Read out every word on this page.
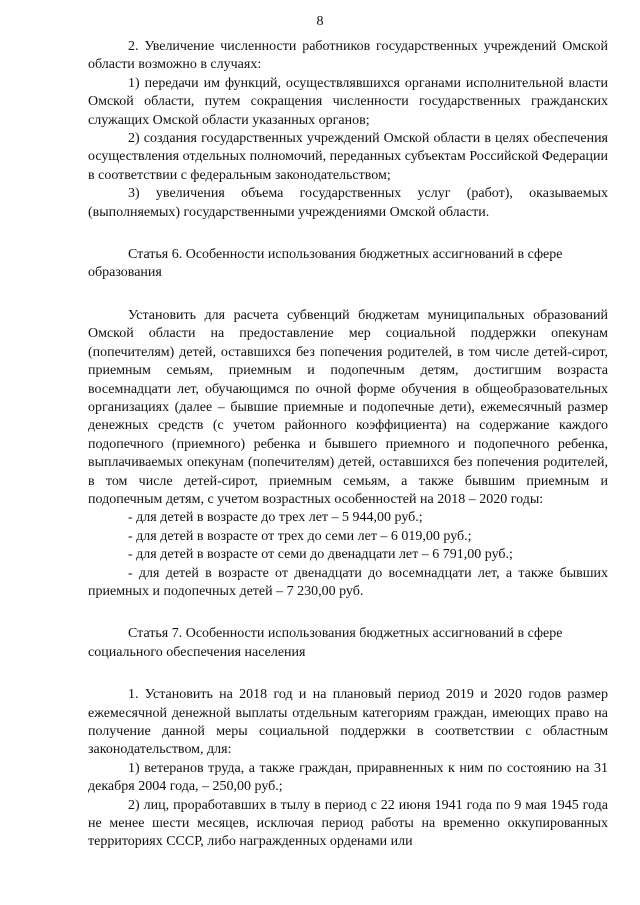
8

2. Увеличение численности работников государственных учреждений Омской области возможно в случаях:

1) передачи им функций, осуществлявшихся органами исполнительной власти Омской области, путем сокращения численности государственных гражданских служащих Омской области указанных органов;

2) создания государственных учреждений Омской области в целях обеспечения осуществления отдельных полномочий, переданных субъектам Российской Федерации в соответствии с федеральным законодательством;

3) увеличения объема государственных услуг (работ), оказываемых (выполняемых) государственными учреждениями Омской области.

Статья 6. Особенности использования бюджетных ассигнований в сфере образования

Установить для расчета субвенций бюджетам муниципальных образований Омской области на предоставление мер социальной поддержки опекунам (попечителям) детей, оставшихся без попечения родителей, в том числе детей-сирот, приемным семьям, приемным и подопечным детям, достигшим возраста восемнадцати лет, обучающимся по очной форме обучения в общеобразовательных организациях (далее – бывшие приемные и подопечные дети), ежемесячный размер денежных средств (с учетом районного коэффициента) на содержание каждого подопечного (приемного) ребенка и бывшего приемного и подопечного ребенка, выплачиваемых опекунам (попечителям) детей, оставшихся без попечения родителей, в том числе детей-сирот, приемным семьям, а также бывшим приемным и подопечным детям, с учетом возрастных особенностей на 2018 – 2020 годы:

- для детей в возрасте до трех лет – 5 944,00 руб.;

- для детей в возрасте от трех до семи лет – 6 019,00 руб.;

- для детей в возрасте от семи до двенадцати лет – 6 791,00 руб.;

- для детей в возрасте от двенадцати до восемнадцати лет, а также бывших приемных и подопечных детей – 7 230,00 руб.

Статья 7. Особенности использования бюджетных ассигнований в сфере социального обеспечения населения

1. Установить на 2018 год и на плановый период 2019 и 2020 годов размер ежемесячной денежной выплаты отдельным категориям граждан, имеющих право на получение данной меры социальной поддержки в соответствии с областным законодательством, для:

1) ветеранов труда, а также граждан, приравненных к ним по состоянию на 31 декабря 2004 года, – 250,00 руб.;

2) лиц, проработавших в тылу в период с 22 июня 1941 года по 9 мая 1945 года не менее шести месяцев, исключая период работы на временно оккупированных территориях СССР, либо награжденных орденами или
